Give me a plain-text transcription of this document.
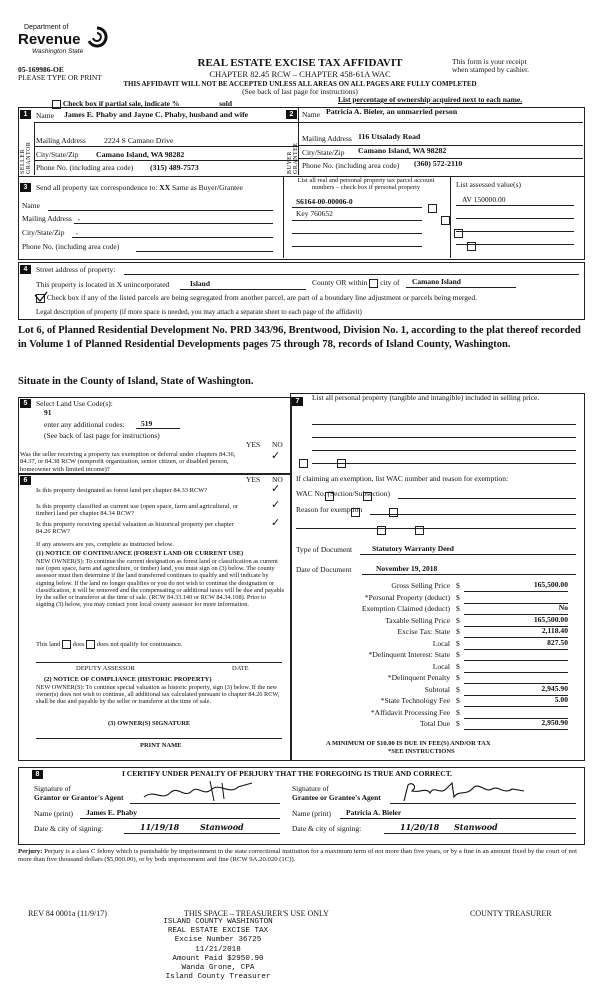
Department of
Revenue
Washington State
05-169986-OE
PLEASE TYPE OR PRINT
REAL ESTATE EXCISE TAX AFFIDAVIT
CHAPTER 82.45 RCW – CHAPTER 458-61A WAC
THIS AFFIDAVIT WILL NOT BE ACCEPTED UNLESS ALL AREAS ON ALL PAGES ARE FULLY COMPLETED
(See back of last page for instructions)
This form is your receipt
when stamped by cashier.
Check box if partial sale, indicate %	sold	List percentage of ownership acquired next to each name.
1
SELLER GRANTOR
Name James E. Phaby and Jayne C. Phaby, husband and wife
Mailing Address 2224 S Camano Drive
City/State/Zip Camano Island, WA 98282
Phone No. (including area code) (315) 489-7573
2
BUYER GRANTEE
Name Patricia A. Bieler, an unmarried person
Mailing Address 116 Utsalady Road
City/State/Zip Camano Island, WA 98282
Phone No. (including area code) (360) 572-2110
3	Send all property tax correspondence to: XX Same as Buyer/Grantee
Name
Mailing Address ,
City/State/Zip ,
Phone No. (including area code)
List all real and personal property tax parcel account numbers – check box if personal property	List assessed value(s)
S6164-00-00006-0

Key 760652

AV 150000.00
4	Street address of property:
This property is located in X unincorporated	Island	County OR within city of Camano Island
Check box if any of the listed parcels are being segregated from another parcel, are part of a boundary line adjustment or parcels being merged.
Legal description of property (if more space is needed, you may attach a separate sheet to each page of the affidavit)
Lot 6, of Planned Residential Development No. PRD 343/96, Brentwood, Division No. 1, according to the plat thereof recorded in Volume 1 of Planned Residential Developments pages 75 through 78, records of Island County, Washington.
Situate in the County of Island, State of Washington.
5	Select Land Use Code(s):
91
enter any additional codes: 519
(See back of last page for instructions)
YES NO
Was the seller receiving a property tax exemption or deferral under chapters 84.36, 84.37, or 84.38 RCW (nonprofit organization, senior citizen, or disabled person, homeowner with limited income)?

✓
6	YES NO
Is this property designated as forest land per chapter 84.33 RCW?
	✓
Is this property classified as current use (open space, farm and agricultural, or timber) land per chapter 84.34 RCW?

✓
Is this property receiving special valuation as historical property per chapter 84.26 RCW?

✓
If any answers are yes, complete as instructed below.
(1) NOTICE OF CONTINUANCE (FOREST LAND OR CURRENT USE)
NEW OWNER(S): To continue the current designation as forest land or classification as current use (open space, farm and agriculture, or timber) land, you must sign on (3) below. The county assessor must then determine if the land transferred continues to qualify and will indicate by signing below. If the land no longer qualifies or you do not wish to continue the designation or classification, it will be removed and the compensating or additional taxes will be due and payable by the seller or transferor at the time of sale. (RCW 84.33.140 or RCW 84.34.108). Prior to signing (3) below, you may contact your local county assessor for more information.
This land does does not qualify for continuance.
DEPUTY ASSESSOR	DATE
(2) NOTICE OF COMPLIANCE (HISTORIC PROPERTY)
NEW OWNER(S): To continue special valuation as historic property, sign (3) below. If the new owner(s) does not wish to continue, all additional tax calculated pursuant to chapter 84.26 RCW, shall be due and payable by the seller or transferor at the time of sale.
(3) OWNER(S) SIGNATURE
PRINT NAME
7	List all personal property (tangible and intangible) included in selling price.
If claiming an exemption, list WAC number and reason for exemption:
WAC No. (Section/Subsection)
Reason for exemption
Type of Document	Statutory Warranty Deed
Date of Document	November 19, 2018
Gross Selling Price $	165,500.00
*Personal Property (deduct) $
Exemption Claimed (deduct) $	No
Taxable Selling Price $	165,500.00
Excise Tax: State $	2,118.40
Local $	827.50
*Delinquent Interest: State $
Local $
*Delinquent Penalty $
Subtotal $	2,945.90
*State Technology Fee $	5.00
*Affidavit Processing Fee $
Total Due $	2,950.90
A MINIMUM OF $10.00 IS DUE IN FEE(S) AND/OR TAX
*SEE INSTRUCTIONS
8	I CERTIFY UNDER PENALTY OF PERJURY THAT THE FOREGOING IS TRUE AND CORRECT.
Signature of
Grantor or Grantor's Agent
Name (print) James E. Phaby
Date & city of signing:	11/19/18	Stanwood
Signature of
Grantee or Grantee's Agent
Name (print) Patricia A. Bieler
Date & city of signing:	11/20/18 Stanwood
Perjury: Perjury is a class C felony which is punishable by imprisonment in the state correctional institution for a maximum term of not more than five years, or by a fine in an amount fixed by the court of not more than five thousand dollars ($5,000.00), or by both imprisonment and fine (RCW 9A.20.020 (1C)).
REV 84 0001a (11/9/17)	THIS SPACE – TREASURER'S USE ONLY	COUNTY TREASURER
ISLAND COUNTY WASHINGTON
REAL ESTATE EXCISE TAX
Excise Number 36725
11/21/2018
Amount Paid $2950.90
Wanda Grone, CPA
Island County Treasurer
